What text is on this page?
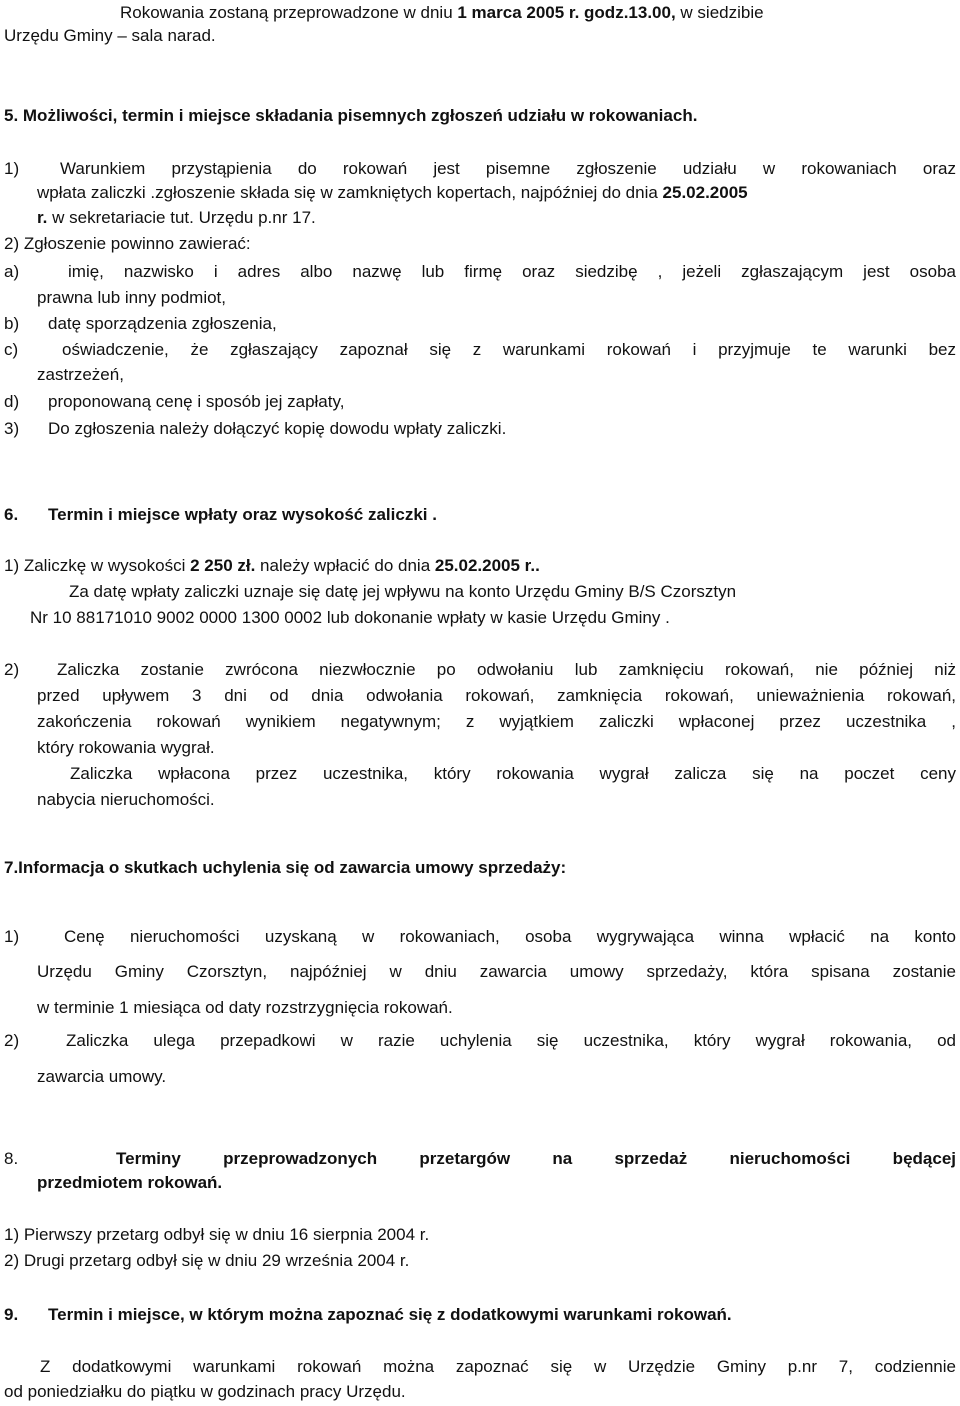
Rokowania zostaną przeprowadzone w dniu 1 marca 2005 r. godz.13.00, w siedzibie
Urzędu Gminy – sala narad.
5. Możliwości, termin i miejsce składania pisemnych zgłoszeń udziału w rokowaniach.
1) Warunkiem przystąpienia do rokowań jest pisemne zgłoszenie udziału w rokowaniach oraz
wpłata zaliczki .zgłoszenie składa się w zamkniętych kopertach, najpóźniej do dnia 25.02.2005
r. w sekretariacie tut. Urzędu p.nr 17.
2) Zgłoszenie powinno zawierać:
a)	imię, nazwisko i adres albo nazwę lub firmę oraz siedzibę , jeżeli zgłaszającym jest osoba
prawna lub inny podmiot,
b) datę sporządzenia zgłoszenia,
c)	oświadczenie, że zgłaszający zapoznał się z warunkami rokowań i przyjmuje te warunki bez
zastrzeżeń,
d) proponowaną cenę i sposób jej zapłaty,
3) Do zgłoszenia należy dołączyć kopię dowodu wpłaty zaliczki.
6. Termin i miejsce wpłaty oraz wysokość zaliczki .
1) Zaliczkę w wysokości 2 250 zł. należy wpłacić do dnia 25.02.2005 r..
Za datę wpłaty zaliczki uznaje się datę jej wpływu na konto Urzędu Gminy B/S Czorsztyn
Nr 10 88171010 9002 0000 1300 0002 lub dokonanie wpłaty w kasie Urzędu Gminy .
2) Zaliczka zostanie zwrócona niezwłocznie po odwołaniu lub zamknięciu rokowań, nie później niż
przed upływem 3 dni od dnia odwołania rokowań, zamknięcia rokowań, unieważnienia rokowań,
zakończenia rokowań wynikiem negatywnym; z wyjątkiem zaliczki wpłaconej przez uczestnika ,
który rokowania wygrał.
Zaliczka wpłacona przez uczestnika, który rokowania wygrał zalicza się na poczet ceny
nabycia nieruchomości.
7.Informacja o skutkach uchylenia się od zawarcia umowy sprzedaży:
1)	Cenę nieruchomości uzyskaną w rokowaniach, osoba wygrywająca winna wpłacić na konto
Urzędu Gminy Czorsztyn, najpóźniej w dniu zawarcia umowy sprzedaży, która spisana zostanie
w terminie 1 miesiąca od daty rozstrzygnięcia rokowań.
2)	Zaliczka ulega przepadkowi w razie uchylenia się uczestnika, który wygrał rokowania, od
zawarcia umowy.
8.	Terminy przeprowadzonych przetargów na sprzedaż nieruchomości będącej
przedmiotem rokowań.
1) Pierwszy przetarg odbył się w dniu 16 sierpnia 2004 r.
2) Drugi przetarg odbył się w dniu 29 września 2004 r.
9. Termin i miejsce, w którym można zapoznać się z dodatkowymi warunkami rokowań.
Z dodatkowymi warunkami rokowań można zapoznać się w Urzędzie Gminy p.nr 7, codziennie
od poniedziałku do piątku w godzinach pracy Urzędu.
